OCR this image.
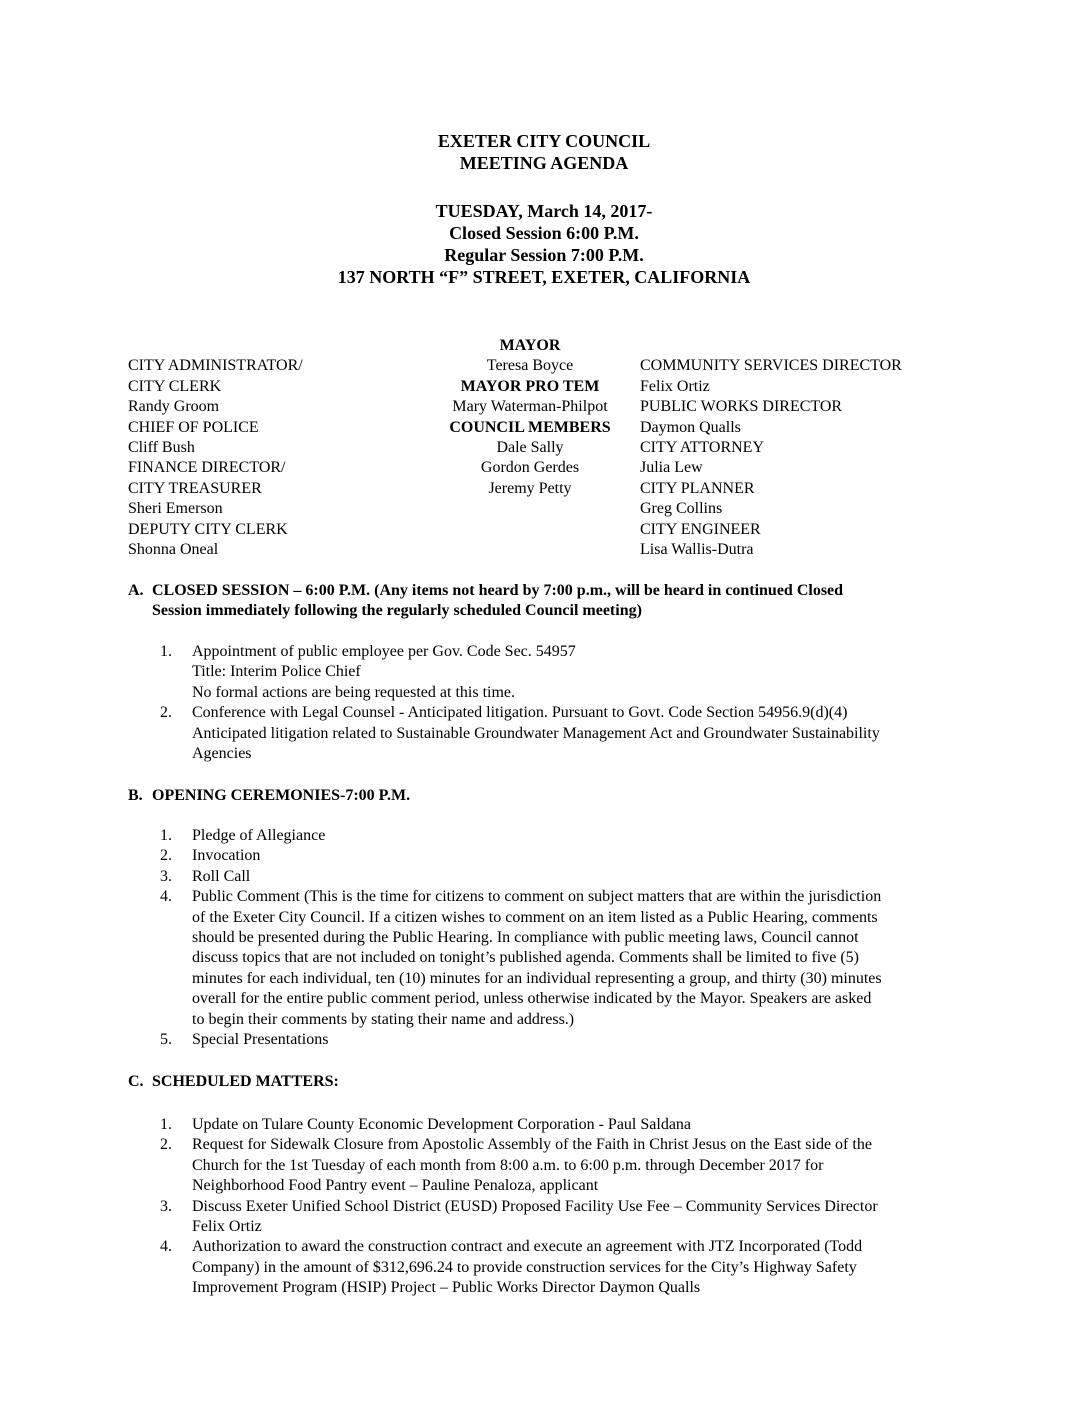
EXETER CITY COUNCIL
MEETING AGENDA
TUESDAY, March 14, 2017-
Closed Session 6:00 P.M.
Regular Session 7:00 P.M.
137 NORTH “F” STREET, EXETER, CALIFORNIA
CITY ADMINISTRATOR/
CITY CLERK
Randy Groom
CHIEF OF POLICE
Cliff Bush
FINANCE DIRECTOR/
CITY TREASURER
Sheri Emerson
DEPUTY CITY CLERK
Shonna Oneal
MAYOR
Teresa Boyce
MAYOR PRO TEM
Mary Waterman-Philpot
COUNCIL MEMBERS
Dale Sally
Gordon Gerdes
Jeremy Petty
COMMUNITY SERVICES DIRECTOR
Felix Ortiz
PUBLIC WORKS DIRECTOR
Daymon Qualls
CITY ATTORNEY
Julia Lew
CITY PLANNER
Greg Collins
CITY ENGINEER
Lisa Wallis-Dutra
A. CLOSED SESSION – 6:00 P.M. (Any items not heard by 7:00 p.m., will be heard in continued Closed
Session immediately following the regularly scheduled Council meeting)
1. Appointment of public employee per Gov. Code Sec. 54957
Title: Interim Police Chief
No formal actions are being requested at this time.
2. Conference with Legal Counsel - Anticipated litigation. Pursuant to Govt. Code Section 54956.9(d)(4)
Anticipated litigation related to Sustainable Groundwater Management Act and Groundwater Sustainability
Agencies
B. OPENING CEREMONIES-7:00 P.M.
1. Pledge of Allegiance
2. Invocation
3. Roll Call
4. Public Comment (This is the time for citizens to comment on subject matters that are within the jurisdiction
of the Exeter City Council. If a citizen wishes to comment on an item listed as a Public Hearing, comments
should be presented during the Public Hearing. In compliance with public meeting laws, Council cannot
discuss topics that are not included on tonight’s published agenda. Comments shall be limited to five (5)
minutes for each individual, ten (10) minutes for an individual representing a group, and thirty (30) minutes
overall for the entire public comment period, unless otherwise indicated by the Mayor. Speakers are asked
to begin their comments by stating their name and address.)
5. Special Presentations
C. SCHEDULED MATTERS:
1. Update on Tulare County Economic Development Corporation - Paul Saldana
2. Request for Sidewalk Closure from Apostolic Assembly of the Faith in Christ Jesus on the East side of the
Church for the 1st Tuesday of each month from 8:00 a.m. to 6:00 p.m. through December 2017 for
Neighborhood Food Pantry event – Pauline Penaloza, applicant
3. Discuss Exeter Unified School District (EUSD) Proposed Facility Use Fee – Community Services Director
Felix Ortiz
4. Authorization to award the construction contract and execute an agreement with JTZ Incorporated (Todd
Company) in the amount of $312,696.24 to provide construction services for the City’s Highway Safety
Improvement Program (HSIP) Project – Public Works Director Daymon Qualls
